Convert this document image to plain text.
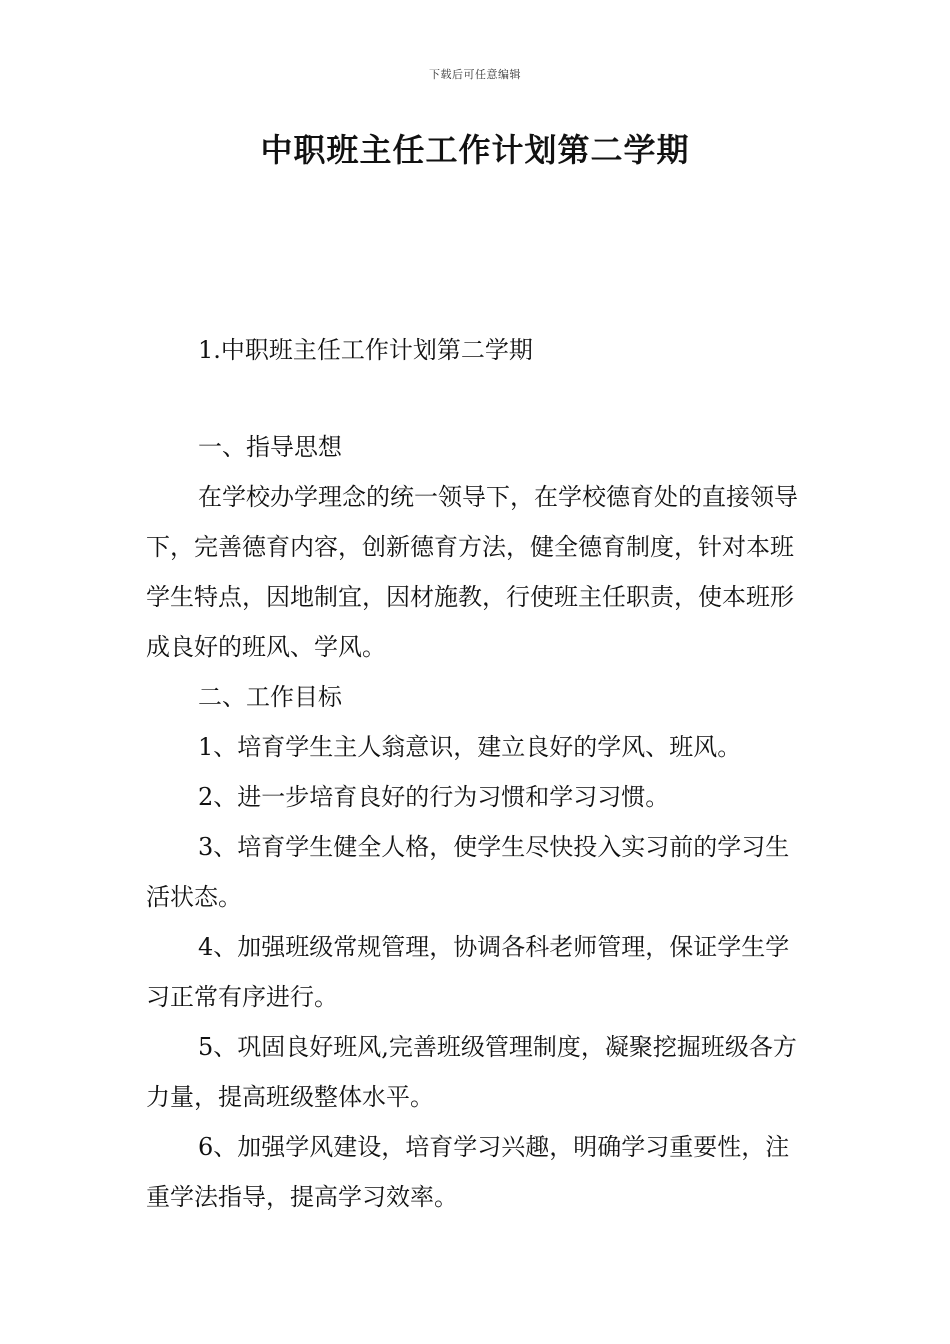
下载后可任意编辑
中职班主任工作计划第二学期
1.中职班主任工作计划第二学期

一、指导思想

在学校办学理念的统一领导下，在学校德育处的直接领导下，完善德育内容，创新德育方法，健全德育制度，针对本班学生特点，因地制宜，因材施教，行使班主任职责，使本班形成良好的班风、学风。

二、工作目标

1、培育学生主人翁意识，建立良好的学风、班风。

2、进一步培育良好的行为习惯和学习习惯。

3、培育学生健全人格，使学生尽快投入实习前的学习生活状态。

4、加强班级常规管理，协调各科老师管理，保证学生学习正常有序进行。

5、巩固良好班风,完善班级管理制度，凝聚挖掘班级各方力量，提高班级整体水平。

6、加强学风建设，培育学习兴趣，明确学习重要性，注重学法指导，提高学习效率。
